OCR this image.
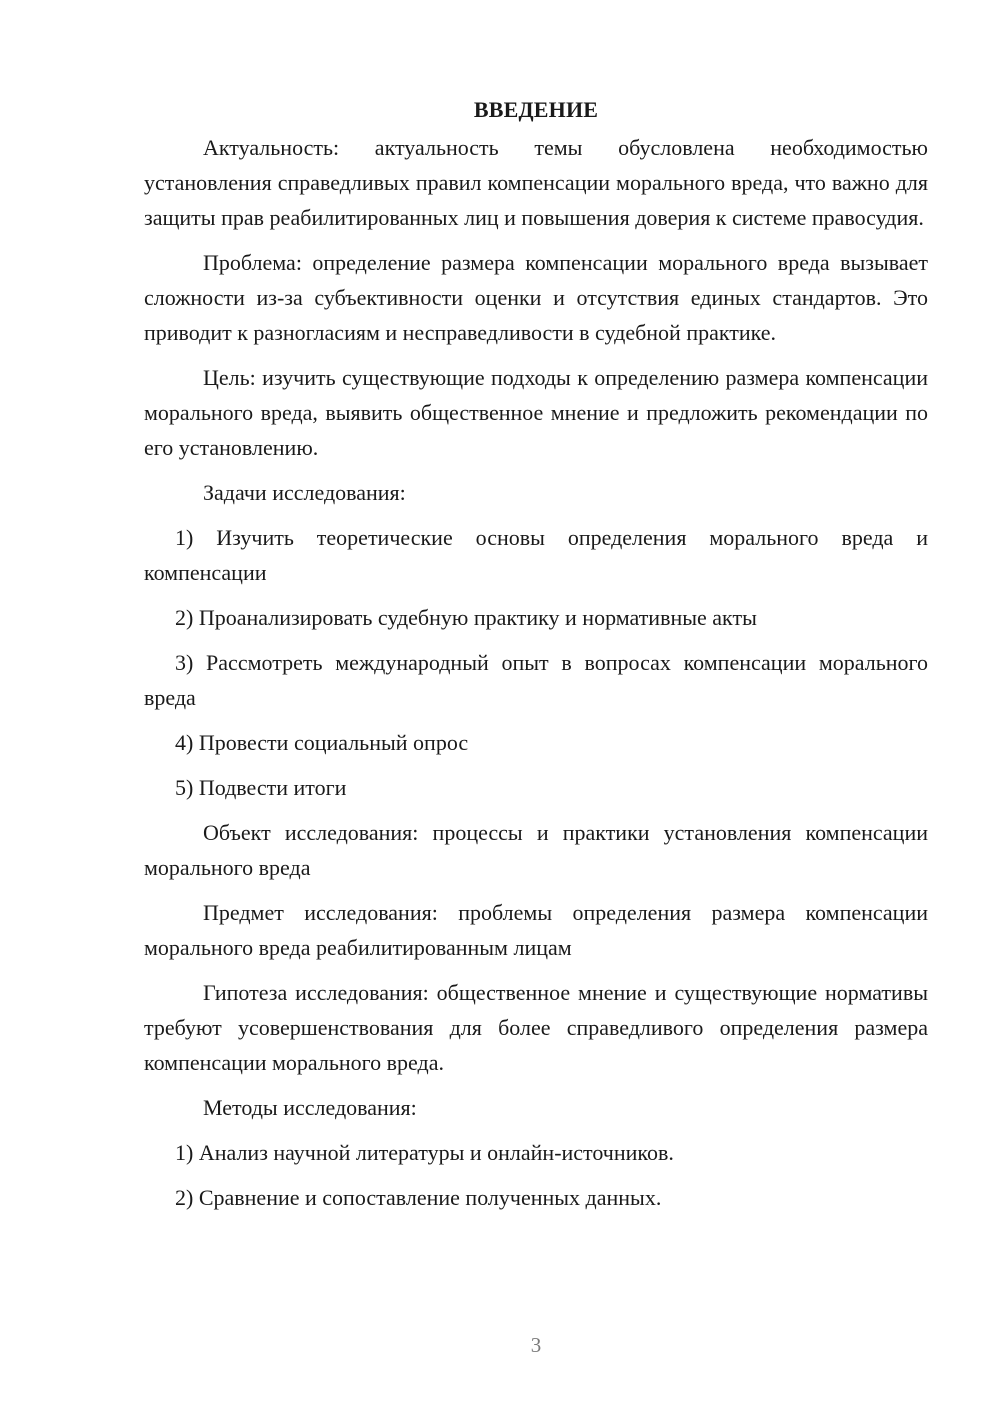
ВВЕДЕНИЕ

Актуальность: актуальность темы обусловлена необходимостью установления справедливых правил компенсации морального вреда, что важно для защиты прав реабилитированных лиц и повышения доверия к системе правосудия.

Проблема: определение размера компенсации морального вреда вызывает сложности из-за субъективности оценки и отсутствия единых стандартов. Это приводит к разногласиям и несправедливости в судебной практике.

Цель: изучить существующие подходы к определению размера компенсации морального вреда, выявить общественное мнение и предложить рекомендации по его установлению.

Задачи исследования:

1) Изучить теоретические основы определения морального вреда и компенсации

2) Проанализировать судебную практику и нормативные акты

3) Рассмотреть международный опыт в вопросах компенсации морального вреда

4) Провести социальный опрос

5) Подвести итоги

Объект исследования: процессы и практики установления компенсации морального вреда

Предмет исследования: проблемы определения размера компенсации морального вреда реабилитированным лицам

Гипотеза исследования: общественное мнение и существующие нормативы требуют усовершенствования для более справедливого определения размера компенсации морального вреда.

Методы исследования:

1) Анализ научной литературы и онлайн-источников.

2) Сравнение и сопоставление полученных данных.

3
